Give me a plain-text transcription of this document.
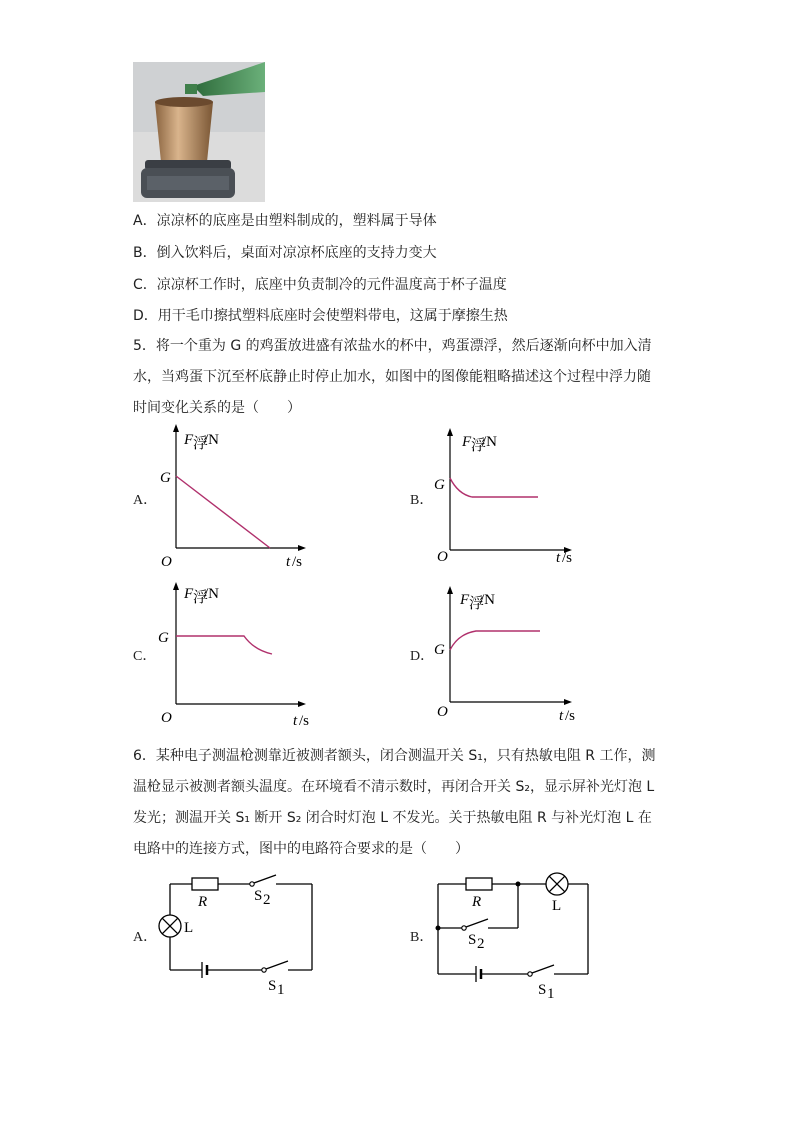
A．凉凉杯的底座是由塑料制成的，塑料属于导体
B．倒入饮料后，桌面对凉凉杯底座的支持力变大
C．凉凉杯工作时，底座中负责制冷的元件温度高于杯子温度
D．用干毛巾擦拭塑料底座时会使塑料带电，这属于摩擦生热
5．将一个重为 G 的鸡蛋放进盛有浓盐水的杯中，鸡蛋漂浮，然后逐渐向杯中加入清水，当鸡蛋下沉至杯底静止时停止加水，如图中的图像能粗略描述这个过程中浮力随时间变化关系的是（　　）
A．
F 浮
/N
G
O	t /s
B．
F 浮
/N
G
O	t /s
C．
F 浮
/N
G
O	t /s
D．
F 浮
/N
G
O	t /s
6．某种电子测温枪测靠近被测者额头，闭合测温开关 S₁，只有热敏电阻 R 工作，测温枪显示被测者额头温度。在环境看不清示数时，再闭合开关 S₂，显示屏补光灯泡 L 发光；测温开关 S₁ 断开 S₂ 闭合时灯泡 L 不发光。关于热敏电阻 R 与补光灯泡 L 在电路中的连接方式，图中的电路符合要求的是（　　）
A．
R	S 2
L
S 1
B．
R	L
S 2
S 1
